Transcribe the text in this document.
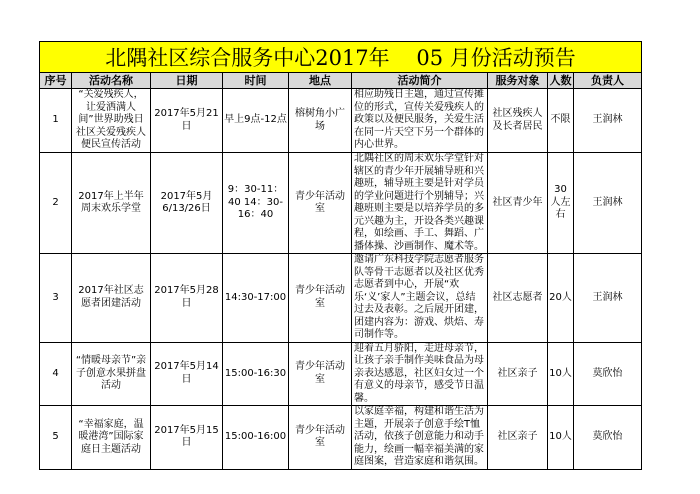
北隅社区综合服务中心2017年    05 月份活动预告								
序号	活动名称	日期	时间	地点	活动简介	服务对象	人数	负责人
1	“关爱残疾人，让爱洒满人间”世界助残日社区关爱残疾人便民宣传活动	2017年5月21日	早上9点-12点	榕树角小广场	相应助残日主题，通过宣传摊位的形式，宣传关爱残疾人的政策以及便民服务，关爱生活在同一片天空下另一个群体的内心世界。	社区残疾人及长者居民	不限	王润林
2	2017年上半年周末欢乐学堂	2017年5月6/13/26日	9：30-11：40 14：30-16：40	青少年活动室	北隅社区的周末欢乐学堂针对辖区的青少年开展辅导班和兴趣班，辅导班主要是针对学员的学业问题进行个别辅导；兴趣班则主要是以培养学员的多元兴趣为主，开设各类兴趣课程，如绘画、手工、舞蹈、广播体操、沙画制作、魔术等。	社区青少年	30人左右	王润林
3	2017年社区志愿者团建活动	2017年5月28日	14:30-17:00	青少年活动室	邀请广东科技学院志愿者服务队等骨干志愿者以及社区优秀志愿者到中心，开展“欢乐‘义’家人”主题会议，总结过去及表彰。之后展开团建，团建内容为：游戏、烘焙、寿司制作等。	社区志愿者	20人	王润林
4	“情暖母亲节”亲子创意水果拼盘活动	2017年5月14日	15:00-16:30	青少年活动室	迎着五月骄阳，走进母亲节，让孩子亲手制作美味食品为母亲表达感恩，社区妇女过一个有意义的母亲节，感受节日温馨。	社区亲子	10人	莫欣怡
5	“幸福家庭，温暖港湾”国际家庭日主题活动	2017年5月15日	15:00-16:00	青少年活动室	以家庭幸福，构建和谐生活为主题，开展亲子创意手绘T恤活动，依孩子创意能力和动手能力，绘画一幅幸福美满的家庭图案，营造家庭和谐氛围。	社区亲子	10人	莫欣怡
